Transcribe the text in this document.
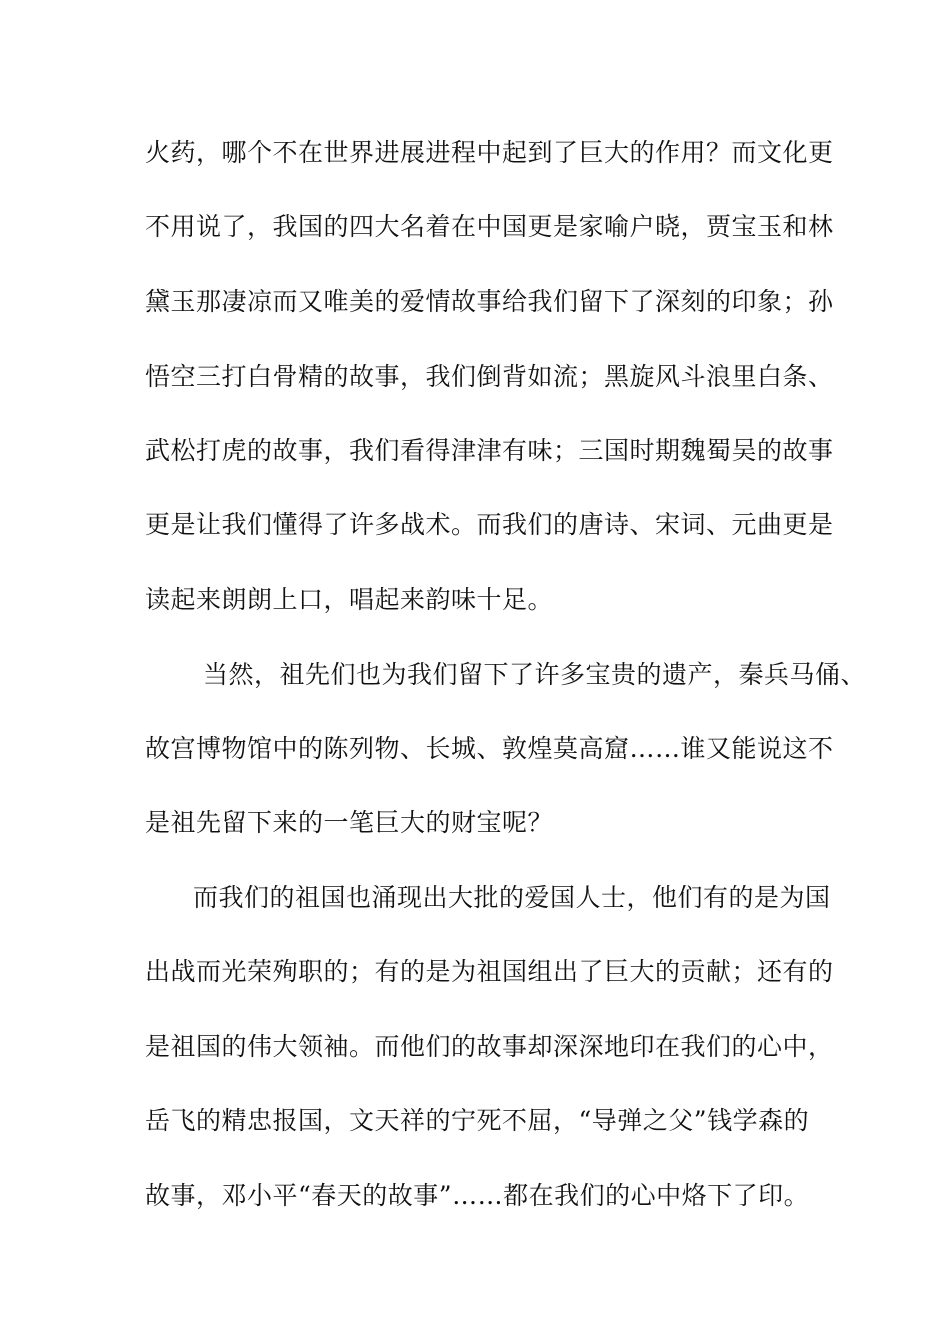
火药，哪个不在世界进展进程中起到了巨大的作用？而文化更
不用说了，我国的四大名着在中国更是家喻户晓，贾宝玉和林
黛玉那凄凉而又唯美的爱情故事给我们留下了深刻的印象；孙
悟空三打白骨精的故事，我们倒背如流；黑旋风斗浪里白条、
武松打虎的故事，我们看得津津有味；三国时期魏蜀吴的故事
更是让我们懂得了许多战术。而我们的唐诗、宋词、元曲更是
读起来朗朗上口，唱起来韵味十足。
当然，祖先们也为我们留下了许多宝贵的遗产，秦兵马俑、
故宫博物馆中的陈列物、长城、敦煌莫高窟……谁又能说这不
是祖先留下来的一笔巨大的财宝呢？
而我们的祖国也涌现出大批的爱国人士，他们有的是为国
出战而光荣殉职的；有的是为祖国组出了巨大的贡献；还有的
是祖国的伟大领袖。而他们的故事却深深地印在我们的心中，
岳飞的精忠报国，文天祥的宁死不屈，“导弹之父”钱学森的
故事，邓小平“春天的故事”……都在我们的心中烙下了印。
